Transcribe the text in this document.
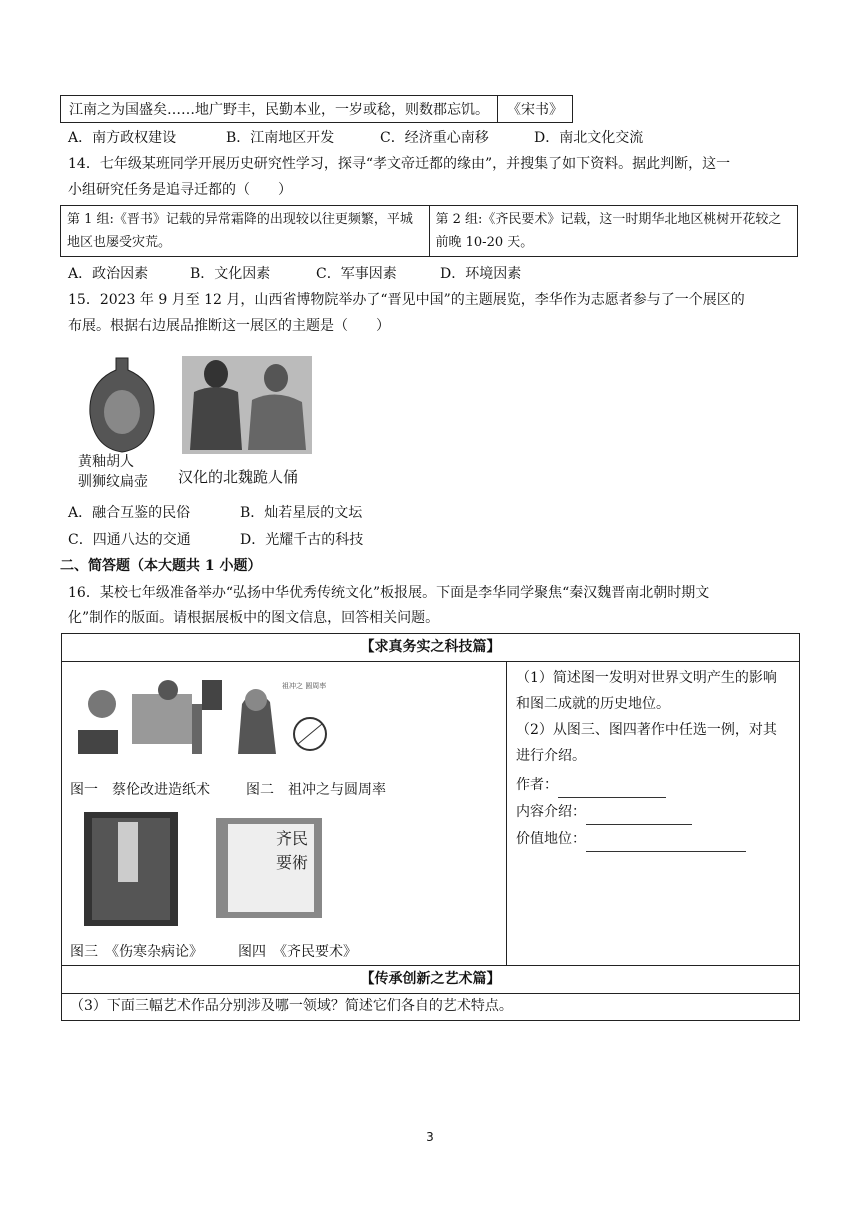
江南之为国盛矣……地广野丰，民勤本业，一岁或稔，则数郡忘饥。	《宋书》
A．南方政权建设	B．江南地区开发	C．经济重心南移	D．南北文化交流
14．七年级某班同学开展历史研究性学习，探寻“孝文帝迁都的缘由”，并搜集了如下资料。据此判断，这一
小组研究任务是追寻迁都的（　　）
第 1 组:《晋书》记载的异常霜降的出现较以往更频繁，平城地区也屡受灾荒。	第 2 组:《齐民要术》记载，这一时期华北地区桃树开花较之前晚 10-20 天。
A．政治因素	B．文化因素	C．军事因素	D．环境因素
15．2023 年 9 月至 12 月，山西省博物院举办了“晋见中国”的主题展览，李华作为志愿者参与了一个展区的
布展。根据右边展品推断这一展区的主题是（　　）
黄釉胡人
驯狮纹扁壶 汉化的北魏跪人俑
A．融合互鉴的民俗	B．灿若星辰的文坛
C．四通八达的交通	D．光耀千古的科技
二、简答题（本大题共 1 小题）
16．某校七年级准备举办“弘扬中华优秀传统文化”板报展。下面是李华同学聚焦“秦汉魏晋南北朝时期文
化”制作的版面。请根据展板中的图文信息，回答相关问题。
【求真务实之科技篇】
祖冲之 圆周率
图一　蔡伦改进造纸术	图二　祖冲之与圆周率
齐民
要術
图三　《伤寒杂病论》	图四　《齐民要术》
（1）简述图一发明对世界文明产生的影响
和图二成就的历史地位。
（2）从图三、图四著作中任选一例，对其
进行介绍。
作者：
内容介绍：
价值地位：
【传承创新之艺术篇】
（3）下面三幅艺术作品分别涉及哪一领域？简述它们各自的艺术特点。
3
